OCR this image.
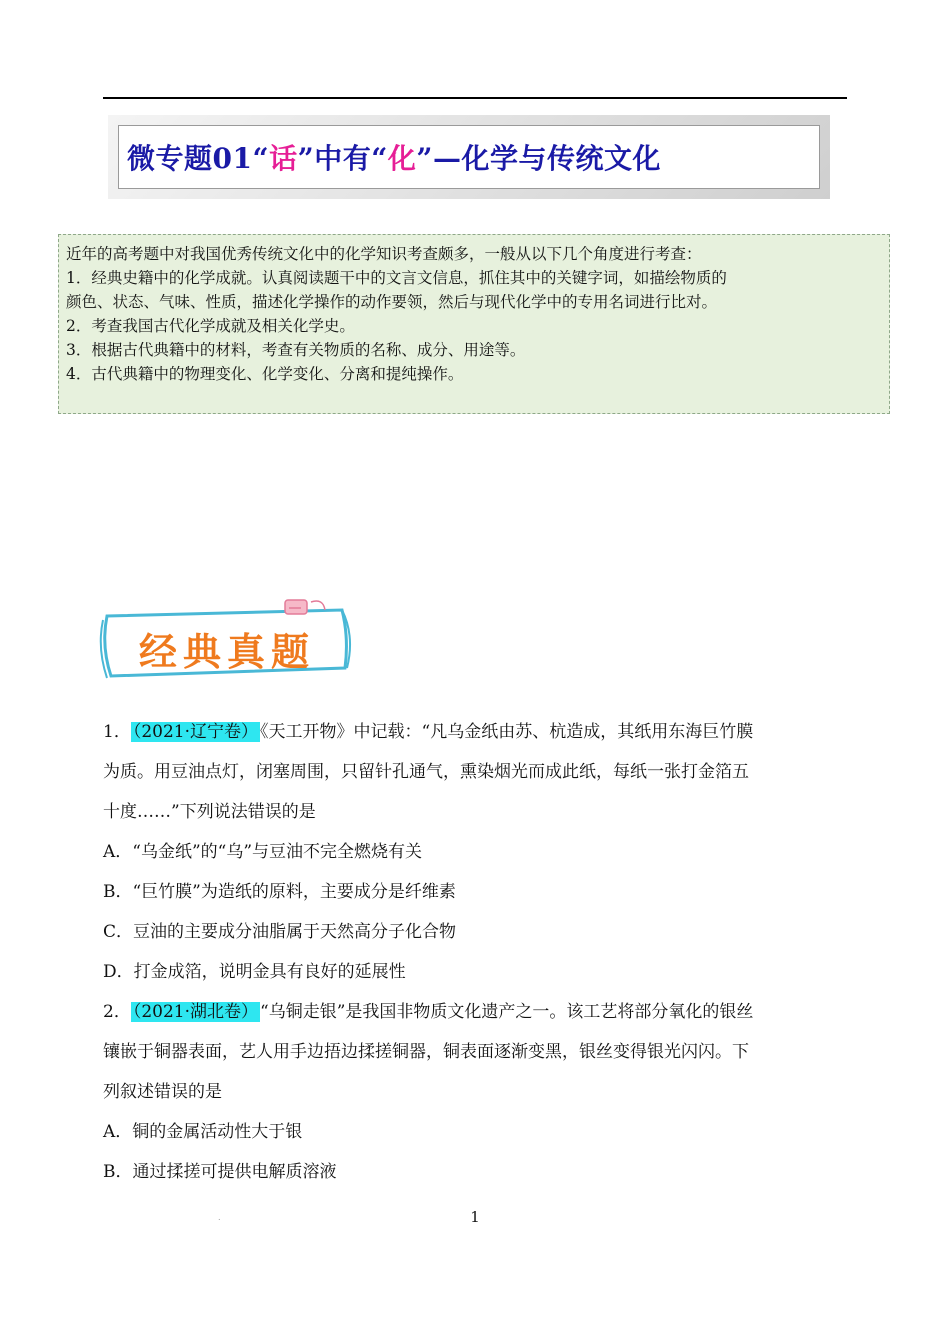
微专题01“话”中有“化”—化学与传统文化

近年的高考题中对我国优秀传统文化中的化学知识考查颇多，一般从以下几个角度进行考查：

1．经典史籍中的化学成就。认真阅读题干中的文言文信息，抓住其中的关键字词，如描绘物质的

颜色、状态、气味、性质，描述化学操作的动作要领，然后与现代化学中的专用名词进行比对。

2．考查我国古代化学成就及相关化学史。

3．根据古代典籍中的材料，考查有关物质的名称、成分、用途等。

4．古代典籍中的物理变化、化学变化、分离和提纯操作。

经典真题
1． （2021·辽宁卷） 《天工开物》中记载：“凡乌金纸由苏、杭造成，其纸用东海巨竹膜
为质。用豆油点灯，闭塞周围，只留针孔通气，熏染烟光而成此纸，每纸一张打金箔五
十度……”下列说法错误的是
A．“乌金纸”的“乌”与豆油不完全燃烧有关
B．“巨竹膜”为造纸的原料，主要成分是纤维素
C．豆油的主要成分油脂属于天然高分子化合物
D．打金成箔，说明金具有良好的延展性
2． （2021·湖北卷） “乌铜走银”是我国非物质文化遗产之一。该工艺将部分氧化的银丝
镶嵌于铜器表面，艺人用手边捂边揉搓铜器，铜表面逐渐变黑，银丝变得银光闪闪。下
列叙述错误的是
A．铜的金属活动性大于银
B．通过揉搓可提供电解质溶液
.	1
